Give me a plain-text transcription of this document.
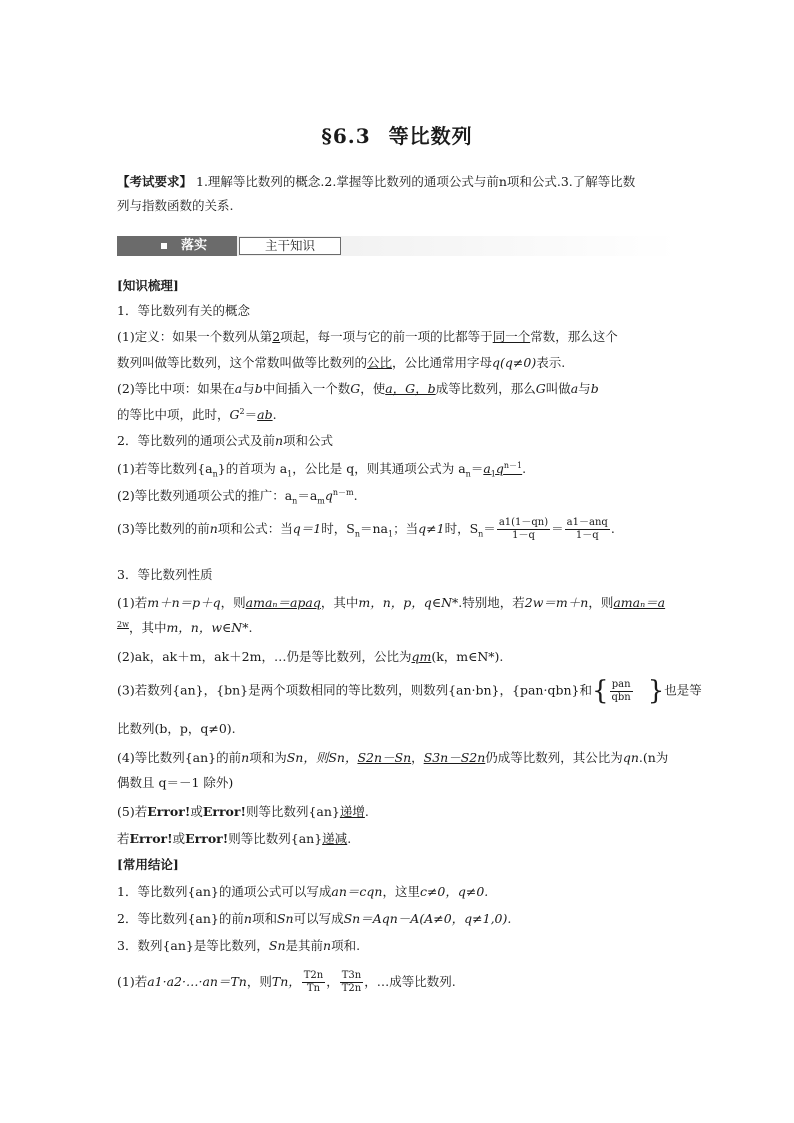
§6.3 等比数列
【考试要求】 1.理解等比数列的概念.2.掌握等比数列的通项公式与前n项和公式.3.了解等比数
列与指数函数的关系.
落实	主干知识
[知识梳理]
1．等比数列有关的概念
(1)定义：如果一个数列从第2项起，每一项与它的前一项的比都等于同一个常数，那么这个
数列叫做等比数列，这个常数叫做等比数列的公比，公比通常用字母q(q≠0)表示.
(2)等比中项：如果在a与b中间插入一个数G，使a，G，b成等比数列，那么G叫做a与b
的等比中项，此时，$G^2=ab$.
2．等比数列的通项公式及前n项和公式
(1)若等比数列$\{a_n\}$的首项为 $a_1$，公比是 q，则其通项公式为 $a_n=a_1q^{n-1}$.
(2)等比数列通项公式的推广：$a_n=a_mq^{n-m}$.
(3)等比数列的前n项和公式：当q＝1时，$S_n=na_1$；当q≠1时，$S_n= \frac{a1(1-qn)}{1-q} = \frac{\text{a1－anq}}{1-q}$ .
3．等比数列性质
(1)若m＋n＝p＋q，则amaₙ＝apaq，其中m，n，p，q∈N*.特别地，若2w＝m＋n，则amaₙ＝a
$^{2w}$，其中m，n，w∈N*.
(2)ak，ak＋m，ak＋2m，…仍是等比数列，公比为qm(k，m∈N*).
(3)若数列{an}，{bn}是两个项数相同的等比数列，则数列{an·bn}，{pan·qbn}和{ $\frac{\text{pan}}{\text{qbn}}$ }也是等
比数列(b，p，q≠0).
(4)等比数列{an}的前n项和为Sn，则Sn，S2n－Sn，S3n－S2n仍成等比数列，其公比为qn.(n为
偶数且 q＝－1 除外)
(5)若Error!或Error!则等比数列{an}递增.
若Error!或Error!则等比数列{an}递减.
[常用结论]
1．等比数列{an}的通项公式可以写成an＝cqn，这里c≠0，q≠0.
2．等比数列{an}的前n项和Sn可以写成Sn＝Aqn－A(A≠0，q≠1,0).
3．数列{an}是等比数列，Sn是其前n项和.
(1)若a1·a2·…·an＝Tn，则Tn， $\frac{T2n}{Tn}$ ， $\frac{T3n}{T2n}$ ，…成等比数列.
